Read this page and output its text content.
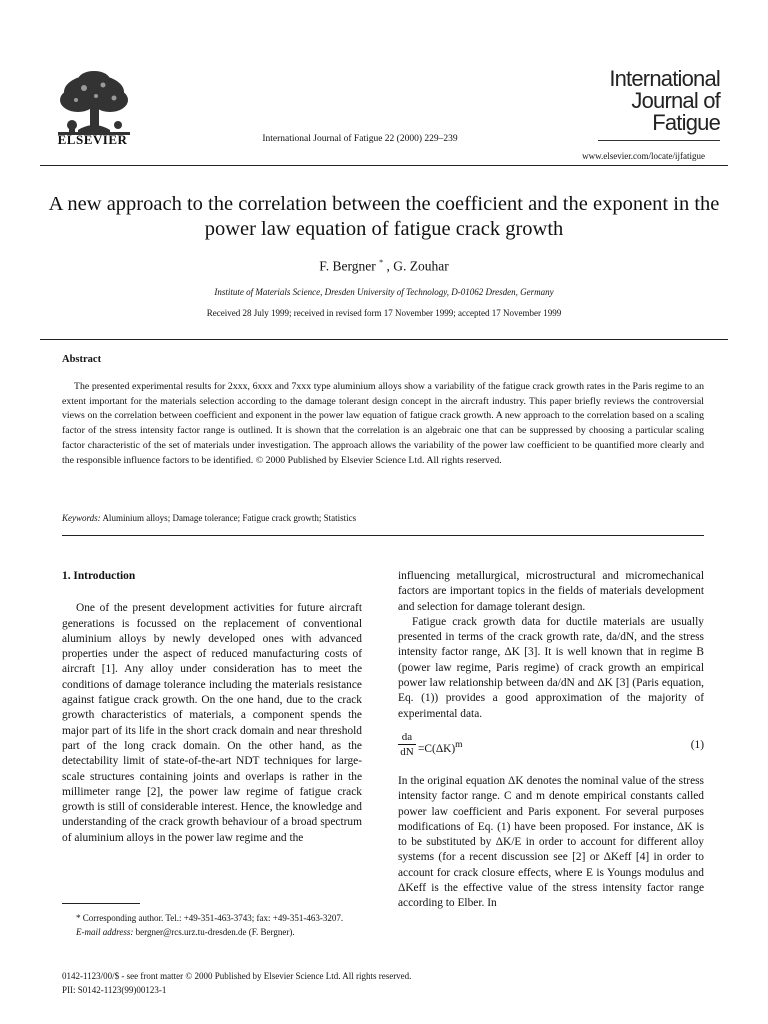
ELSEVIER	International Journal of Fatigue 22 (2000) 229–239
International
Journal of
Fatigue
www.elsevier.com/locate/ijfatigue
A new approach to the correlation between the coefficient and the exponent in the power law equation of fatigue crack growth
F. Bergner * , G. Zouhar
Institute of Materials Science, Dresden University of Technology, D-01062 Dresden, Germany
Received 28 July 1999; received in revised form 17 November 1999; accepted 17 November 1999
Abstract
The presented experimental results for 2xxx, 6xxx and 7xxx type aluminium alloys show a variability of the fatigue crack growth rates in the Paris regime to an extent important for the materials selection according to the damage tolerant design concept in the aircraft industry. This paper briefly reviews the controversial views on the correlation between coefficient and exponent in the power law equation of fatigue crack growth. A new approach to the correlation based on a scaling factor of the stress intensity factor range is outlined. It is shown that the correlation is an algebraic one that can be suppressed by choosing a particular scaling factor characteristic of the set of materials under investigation. The approach allows the variability of the power law coefficient to be quantified more clearly and the responsible influence factors to be identified. © 2000 Published by Elsevier Science Ltd. All rights reserved.
Keywords: Aluminium alloys; Damage tolerance; Fatigue crack growth; Statistics
1. Introduction

One of the present development activities for future aircraft generations is focussed on the replacement of conventional aluminium alloys by newly developed ones with advanced properties under the aspect of reduced manufacturing costs of aircraft [1]. Any alloy under consideration has to meet the conditions of damage tolerance including the materials resistance against fatigue crack growth. On the one hand, due to the crack growth characteristics of materials, a component spends the major part of its life in the short crack domain and near threshold part of the long crack domain. On the other hand, as the detectability limit of state-of-the-art NDT techniques for large-scale structures containing joints and overlaps is rather in the millimeter range [2], the power law regime of fatigue crack growth is still of considerable interest. Hence, the knowledge and understanding of the crack growth behaviour of a broad spectrum of aluminium alloys in the power law regime and the

influencing metallurgical, microstructural and micromechanical factors are important topics in the fields of materials development and selection for damage tolerant design.

Fatigue crack growth data for ductile materials are usually presented in terms of the crack growth rate, da/dN, and the stress intensity factor range, ΔK [3]. It is well known that in regime B (power law regime, Paris regime) of crack growth an empirical power law relationship between da/dN and ΔK [3] (Paris equation, Eq. (1)) provides a good approximation of the majority of experimental data.

$\frac{da}{dN} =C(\Delta K)^m$	(1)

In the original equation ΔK denotes the nominal value of the stress intensity factor range. C and m denote empirical constants called power law coefficient and Paris exponent. For several purposes modifications of Eq. (1) have been proposed. For instance, ΔK is to be substituted by ΔK/E in order to account for different alloy systems (for a recent discussion see [2] or ΔKeff [4] in order to account for crack closure effects, where E is Youngs modulus and ΔKeff is the effective value of the stress intensity factor range according to Elber. In

* Corresponding author. Tel.: +49-351-463-3743; fax: +49-351-463-3207.
E-mail address: bergner@rcs.urz.tu-dresden.de (F. Bergner).
0142-1123/00/$ - see front matter © 2000 Published by Elsevier Science Ltd. All rights reserved.
PII: S0142-1123(99)00123-1
